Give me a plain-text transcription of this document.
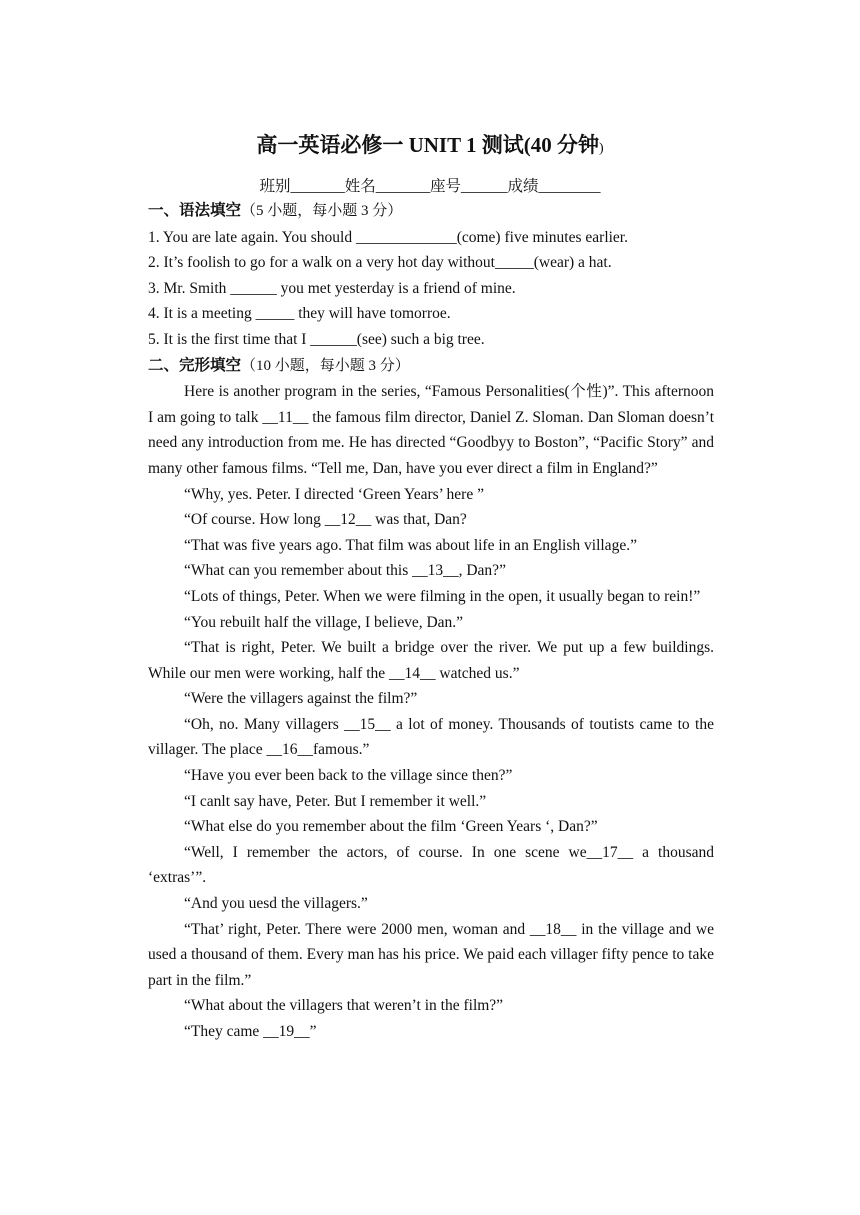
高一英语必修一 UNIT 1 测试(40 分钟)
班别_______姓名_______座号______成绩________
一、语法填空（5 小题，每小题 3 分）
1. You are late again. You should _____________(come) five minutes earlier.
2. It’s foolish to go for a walk on a very hot day without_____(wear) a hat.
3. Mr. Smith ______ you met yesterday is a friend of mine.
4. It is a meeting _____ they will have tomorroe.
5. It is the first time that I ______(see) such a big tree.
二、完形填空（10 小题，每小题 3 分）

Here is another program in the series, “Famous Personalities(个性)”. This afternoon I am going to talk __11__ the famous film director, Daniel Z. Sloman. Dan Sloman doesn’t need any introduction from me. He has directed “Goodbyy to Boston”, “Pacific Story” and many other famous films. “Tell me, Dan, have you ever direct a film in England?”

“Why, yes. Peter. I directed ‘Green Years’ here ”

“Of course. How long __12__ was that, Dan?

“That was five years ago. That film was about life in an English village.”

“What can you remember about this __13__, Dan?”

“Lots of things, Peter. When we were filming in the open, it usually began to rein!”

“You rebuilt half the village, I believe, Dan.”

“That is right, Peter. We built a bridge over the river. We put up a few buildings. While our men were working, half the __14__ watched us.”

“Were the villagers against the film?”

“Oh, no. Many villagers __15__ a lot of money. Thousands of toutists came to the villager. The place __16__famous.”

“Have you ever been back to the village since then?”

“I canlt say have, Peter. But I remember it well.”

“What else do you remember about the film ‘Green Years ‘, Dan?”

“Well, I remember the actors, of course. In one scene we__17__ a thousand ‘extras’”.

“And you uesd the villagers.”

“That’ right, Peter. There were 2000 men, woman and __18__ in the village and we used a thousand of them. Every man has his price. We paid each villager fifty pence to take part in the film.”

“What about the villagers that weren’t in the film?”

“They came __19__”
